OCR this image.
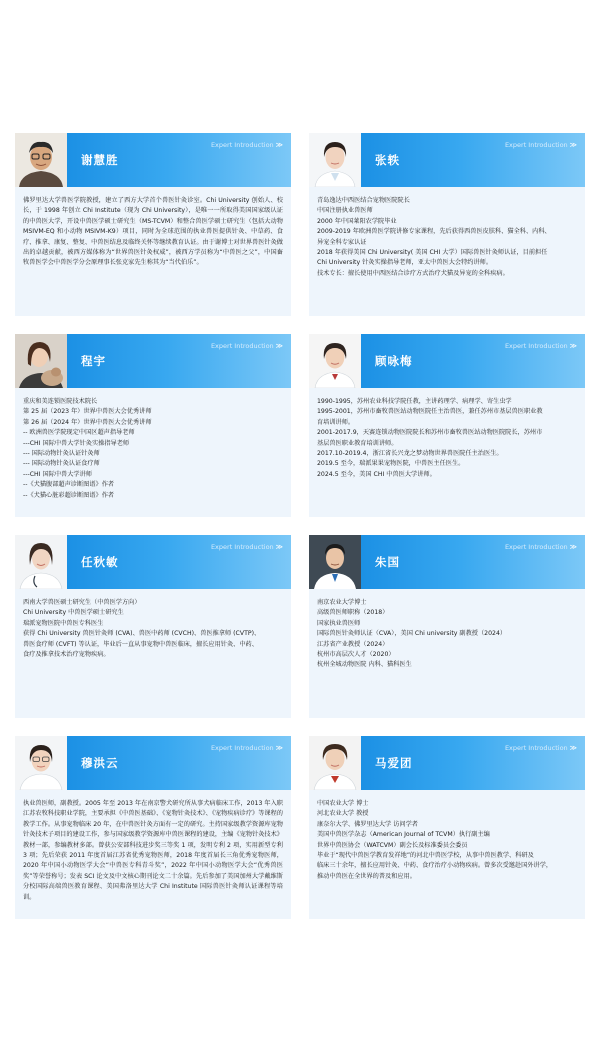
谢慧胜
Expert Introduction ≫

佛罗里达大学兽医学院教授，建立了西方大学首个兽医针灸诊室。Chi University 创始人、校长，于 1998 年创立 Chi Institute（现为 Chi University），是唯一一所取得美国国家级认证的中兽医大学，开设中兽医学硕士研究生（MS-TCVM）和整合兽医学硕士研究生（包括大动物 MSIVM-EQ 和小动物 MSIVM-K9）项目，同时为全球范围的执业兽医提供针灸、中草药、食疗、推拿、康复、整复、中兽医结息及临终关怀等继续教育认证。由于谢博士对世界兽医针灸做出的卓越贡献，被西方媒体称为“世界兽医针灸权威”，被西方学员称为“中兽医之父”，中国畜牧兽医学会中兽医学分会原理事长张克家先生称其为“当代伯乐”。

张轶
Expert Introduction ≫
青岛逸达中西医结合宠物医院院长
中国注册执业兽医师
2000 年中国莱阳农学院毕业
2009-2019 年欧洲兽医学院讲修专家课程，先后获得西兽医皮肤科、猫全科、内科、
异宠全科专家认证
2018 年获得美国 Chi University( 美国 CHI 大学）国际兽医针灸师认证，目前担任
Chi University 针灸实操指导老师，亚太中兽医大会特约讲师。
技术专长：擅长使用中西医结合诊疗方式治疗犬猫及异宠的全科疾病。
程宇
Expert Introduction ≫
重庆和美连锁医院技术院长
第 25 届（2023 年）世界中兽医大会优秀讲师
第 26 届（2024 年）世界中兽医大会优秀讲师
-- 欧洲兽医学院现定中国区超声指导老师
---CHI 国际中兽大学针灸实操指导老师
--- 国际动物针灸认证针灸师
--- 国际动物针灸认证食疗师
---CHI 国际中兽大学讲师
--《犬猫腹部超声诊断图谱》作者
--《犬猫心脏彩超诊断图谱》作者
顾咏梅
Expert Introduction ≫
1990-1995，苏州农业科技学院任教，主讲药理学、病理学、寄生虫学
1995-2001，苏州市畜牧兽医站动物医院任主治兽医，兼任苏州市基层兽医职业教
育培训讲师。
2001-2017.9，天赛连锁动物医院院长和苏州市畜牧兽医站动物医院院长，苏州市
基层兽医职业教育培训讲师。
2017.10-2019.4，浙江省长兴龙之梦动物世界兽医院任主治医生。
2019.5 至今，瑞派果果宠物医院，中兽医主任医生。
2024.5 至今，美国 CHI 中兽医大学讲师。
任秋敏
Expert Introduction ≫
西南大学兽医硕士研究生（中兽医学方向）
Chi University 中兽医学硕士研究生
瑞派宠物医院中兽医专科医生
获得 Chi University 兽医针灸师 (CVA)、兽医中药师 (CVCH)、兽医推拿师 (CVTP)、
兽医食疗师 (CVFT) 等认证，毕业后一直从事宠物中兽医临床，擅长应用针灸、中药、
食疗及推拿技术治疗宠物疾病。
朱国
Expert Introduction ≫
南京农业大学博士
高级兽医师职称（2018）
国家执业兽医师
国际兽医针灸师认证（CVA），美国 Chi university 副教授（2024）
江苏省产业教授（2024）
杭州市高层次人才（2020）
杭州全城动物医院 内科、猫科医生
穆洪云
Expert Introduction ≫

执业兽医师，副教授。2005 年至 2013 年在南京警犬研究所从事犬病临床工作，2013 年入职江苏农牧科技职业学院，主要承担《中兽医基础》、《宠物针灸技术》、《宠物疾病诊疗》等课程的教学工作。从事宠物临床 20 年，在中兽医针灸方面有一定的研究。主持国家级教学资源库宠物针灸技术子项目的建设工作，参与国家级教学资源库中兽医课程的建设，主编《宠物针灸技术》教材一部，参编教材多部。曾获公安部科技进步奖三等奖 1 项，发明专利 2 项，实用新型专利 3 项；先后荣获 2011 年度首届江苏省优秀宠物医师，2018 年度首届长三角优秀宠物医师，2020 年中国小动物医学大会“中兽医专科青斗奖”，2022 年中国小动物医学大会“优秀兽医奖”等荣誉称号；发表 SCI 论文及中文核心期刊论文二十余篇。先后参加了美国加州大学戴维斯分校国际高端兽医教育课程、美国弗洛里达大学 Chi Institute 国际兽医针灸师认证课程等培训。

马爱团
Expert Introduction ≫
中国农业大学 博士
河北农业大学 教授
康奈尔大学、佛罗里达大学 访问学者
美国中兽医学杂志（American Journal of TCVM）执行副主编
世界中兽医协会（WATCVM）副会长及标准委员会委员
毕业于“现代中兽医学教育发祥地”的河北中兽医学校，从事中兽医教学、科研及
临床三十余年，擅长应用针灸、中药、食疗治疗小动物疾病。曾多次受邀赴国外讲学，
推动中兽医在全世界的普及和应用。
